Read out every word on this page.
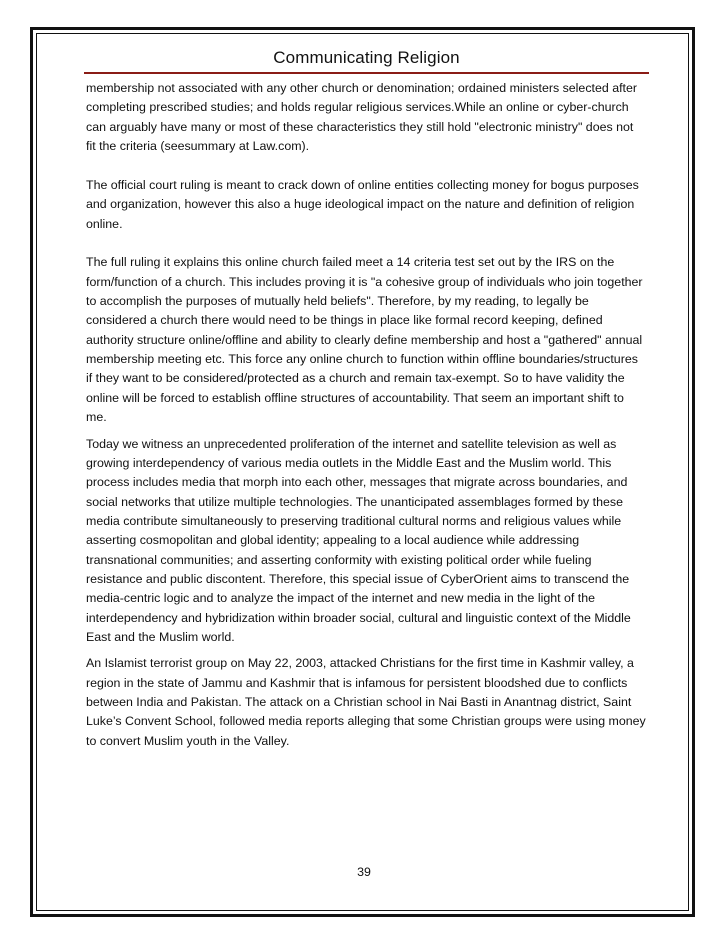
Communicating Religion

membership not associated with any other church or denomination; ordained ministers selected after completing prescribed studies; and holds regular religious services.While an online or cyber-church can arguably have many or most of these characteristics they still hold "electronic ministry" does not fit the criteria (seesummary at Law.com).

The official court ruling is meant to crack down of online entities collecting money for bogus purposes and organization, however this also a huge ideological impact on the nature and definition of religion online.

The full ruling it explains this online church failed meet a 14 criteria test set out by the IRS on the form/function of a church. This includes proving it is "a cohesive group of individuals who join together to accomplish the purposes of mutually held beliefs". Therefore, by my reading, to legally be considered a church there would need to be things in place like formal record keeping, defined authority structure online/offline and ability to clearly define membership and host a "gathered" annual membership meeting etc. This force any online church to function within offline boundaries/structures if they want to be considered/protected as a church and remain tax-exempt. So to have validity the online will be forced to establish offline structures of accountability. That seem an important shift to me.

Today we witness an unprecedented proliferation of the internet and satellite television as well as growing interdependency of various media outlets in the Middle East and the Muslim world. This process includes media that morph into each other, messages that migrate across boundaries, and social networks that utilize multiple technologies. The unanticipated assemblages formed by these media contribute simultaneously to preserving traditional cultural norms and religious values while asserting cosmopolitan and global identity; appealing to a local audience while addressing transnational communities; and asserting conformity with existing political order while fueling resistance and public discontent. Therefore, this special issue of CyberOrient aims to transcend the media-centric logic and to analyze the impact of the internet and new media in the light of the interdependency and hybridization within broader social, cultural and linguistic context of the Middle East and the Muslim world.

An Islamist terrorist group on May 22, 2003, attacked Christians for the first time in Kashmir valley, a region in the state of Jammu and Kashmir that is infamous for persistent bloodshed due to conflicts between India and Pakistan. The attack on a Christian school in Nai Basti in Anantnag district, Saint Luke’s Convent School, followed media reports alleging that some Christian groups were using money to convert Muslim youth in the Valley.

39
